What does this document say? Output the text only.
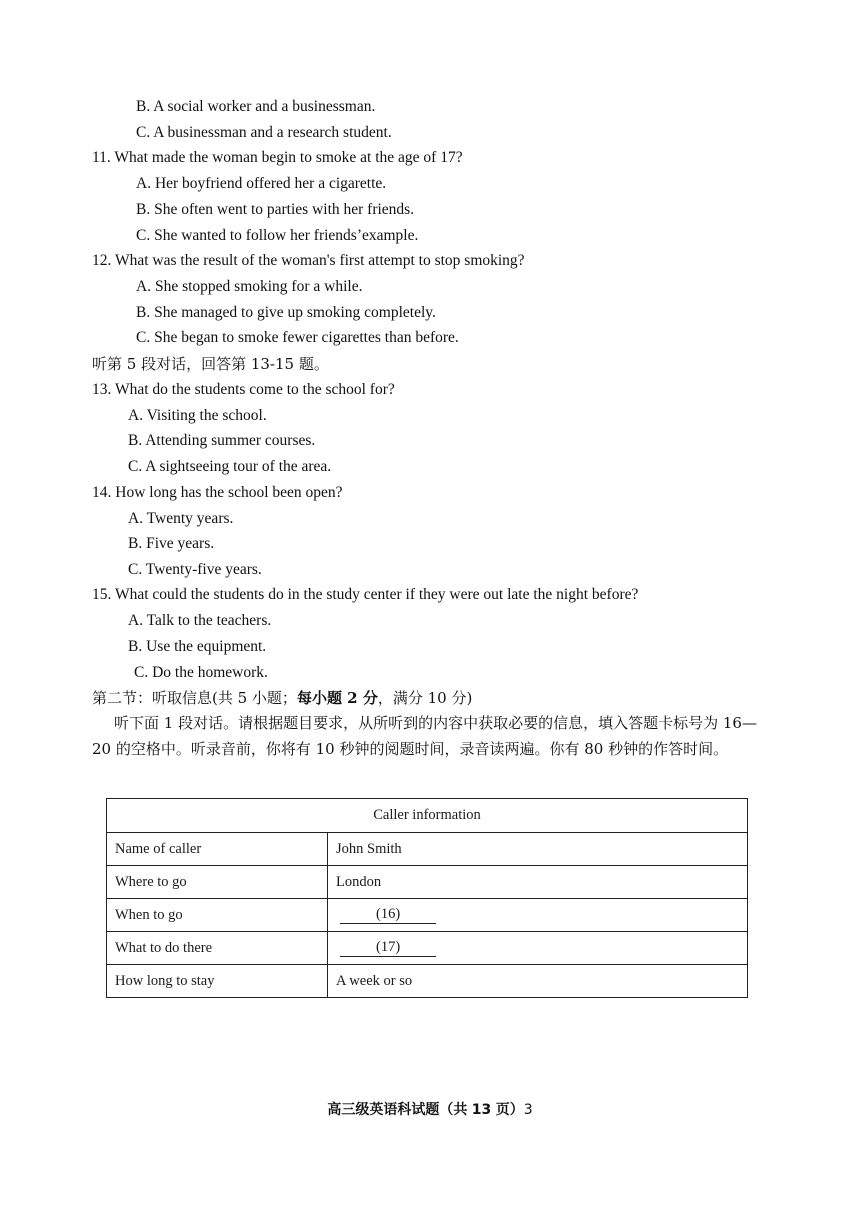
B. A social worker and a businessman.
C. A businessman and a research student.
11. What made the woman begin to smoke at the age of 17?
A. Her boyfriend offered her a cigarette.
B. She often went to parties with her friends.
C. She wanted to follow her friends’example.
12. What was the result of the woman's first attempt to stop smoking?
A. She stopped smoking for a while.
B. She managed to give up smoking completely.
C. She began to smoke fewer cigarettes than before.
听第 5 段对话，回答第 13-15 题。
13. What do the students come to the school for?
A. Visiting the school.
B. Attending summer courses.
C. A sightseeing tour of the area.
14. How long has the school been open?
A. Twenty years.
B. Five years.
C. Twenty-five years.
15. What could the students do in the study center if they were out late the night before?
A. Talk to the teachers.
B. Use the equipment.
C. Do the homework.
第二节：听取信息(共 5 小题；每小题 2 分，满分 10 分)
听下面 1 段对话。请根据题目要求，从所听到的内容中获取必要的信息，填入答题卡标号为 16—20 的空格中。听录音前，你将有 10 秒钟的阅题时间，录音读两遍。你有 80 秒钟的作答时间。
Caller information	
Name of caller	John Smith
Where to go	London
When to go	(16)
What to do there	(17)
How long to stay	A week or so
高三级英语科试题（共 13 页）3
